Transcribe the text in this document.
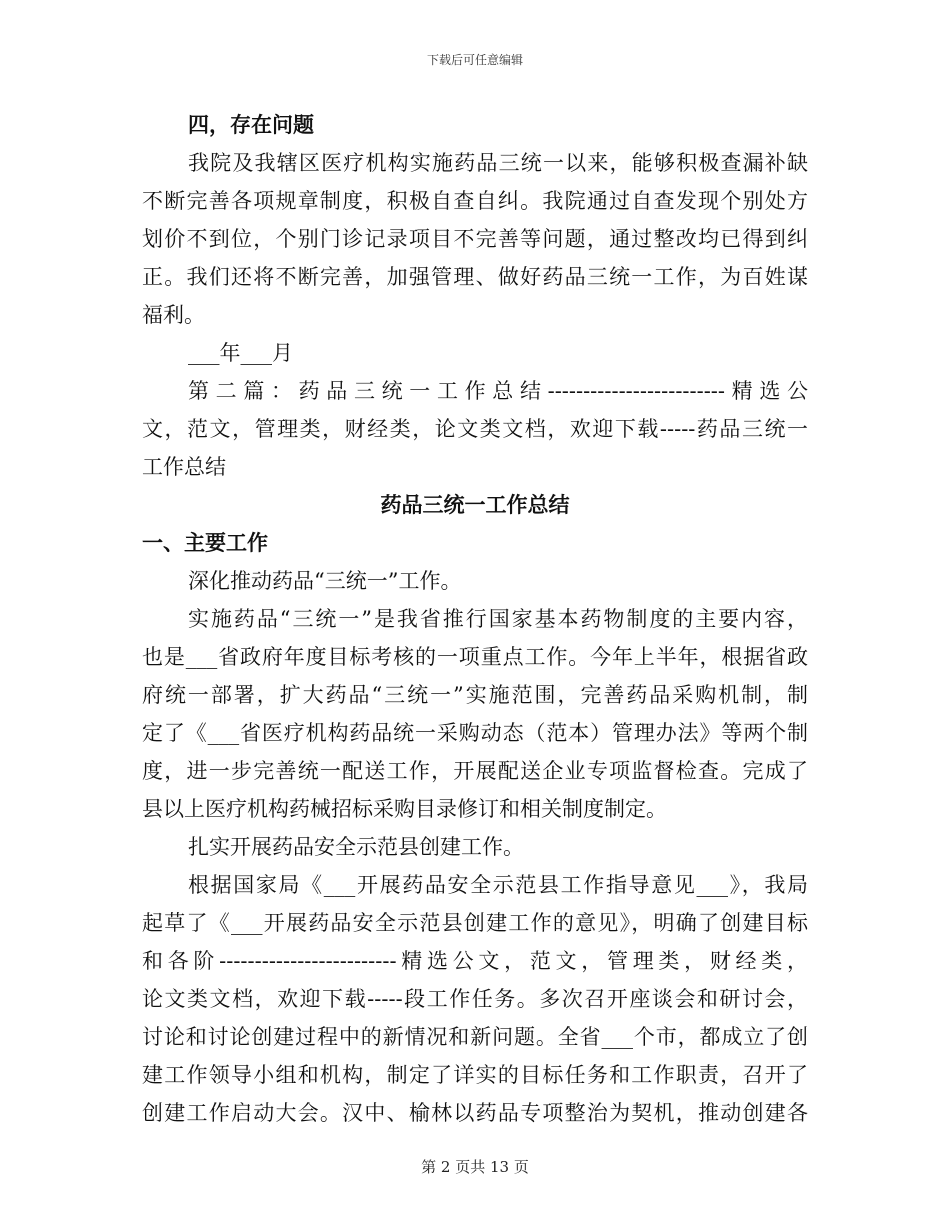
下载后可任意编辑
四，存在问题
我院及我辖区医疗机构实施药品三统一以来，能够积极查漏补缺
不断完善各项规章制度，积极自查自纠。我院通过自查发现个别处方
划价不到位，个别门诊记录项目不完善等问题，通过整改均已得到纠
正。我们还将不断完善，加强管理、做好药品三统一工作，为百姓谋
福利。
___年___月
第二篇：药品三统一工作总结-------------------------精选公
文，范文，管理类，财经类，论文类文档，欢迎下载-----药品三统一
工作总结
药品三统一工作总结
一、主要工作
深化推动药品“三统一”工作。
实施药品“三统一”是我省推行国家基本药物制度的主要内容，
也是___省政府年度目标考核的一项重点工作。今年上半年，根据省政
府统一部署，扩大药品“三统一”实施范围，完善药品采购机制，制
定了《___省医疗机构药品统一采购动态（范本）管理办法》等两个制
度，进一步完善统一配送工作，开展配送企业专项监督检查。完成了
县以上医疗机构药械招标采购目录修订和相关制度制定。
扎实开展药品安全示范县创建工作。
根据国家局《___开展药品安全示范县工作指导意见___》，我局
起草了《___开展药品安全示范县创建工作的意见》，明确了创建目标
和各阶-------------------------精选公文，范文，管理类，财经类，
论文类文档，欢迎下载-----段工作任务。多次召开座谈会和研讨会，
讨论和讨论创建过程中的新情况和新问题。全省___个市，都成立了创
建工作领导小组和机构，制定了详实的目标任务和工作职责，召开了
创建工作启动大会。汉中、榆林以药品专项整治为契机，推动创建各
第 2 页共 13 页
